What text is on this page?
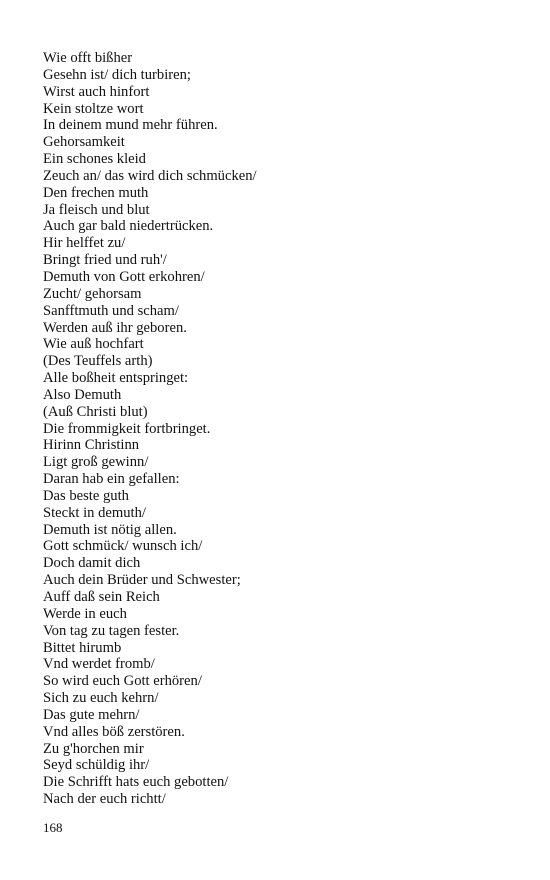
Wie offt bißher
Gesehn ist/ dich turbiren;
Wirst auch hinfort
Kein stoltze wort
In deinem mund mehr führen.
Gehorsamkeit
Ein schones kleid
Zeuch an/ das wird dich schmücken/
Den frechen muth
Ja fleisch und blut
Auch gar bald niedertrücken.
Hir helffet zu/
Bringt fried und ruh'/
Demuth von Gott erkohren/
Zucht/ gehorsam
Sanfftmuth und scham/
Werden auß ihr geboren.
Wie auß hochfart
(Des Teuffels arth)
Alle boßheit entspringet:
Also Demuth
(Auß Christi blut)
Die frommigkeit fortbringet.
Hirinn Christinn
Ligt groß gewinn/
Daran hab ein gefallen:
Das beste guth
Steckt in demuth/
Demuth ist nötig allen.
Gott schmück/ wunsch ich/
Doch damit dich
Auch dein Brüder und Schwester;
Auff daß sein Reich
Werde in euch
Von tag zu tagen fester.
Bittet hirumb
Vnd werdet fromb/
So wird euch Gott erhören/
Sich zu euch kehrn/
Das gute mehrn/
Vnd alles böß zerstören.
Zu g'horchen mir
Seyd schüldig ihr/
Die Schrifft hats euch gebotten/
Nach der euch richtt/
168
